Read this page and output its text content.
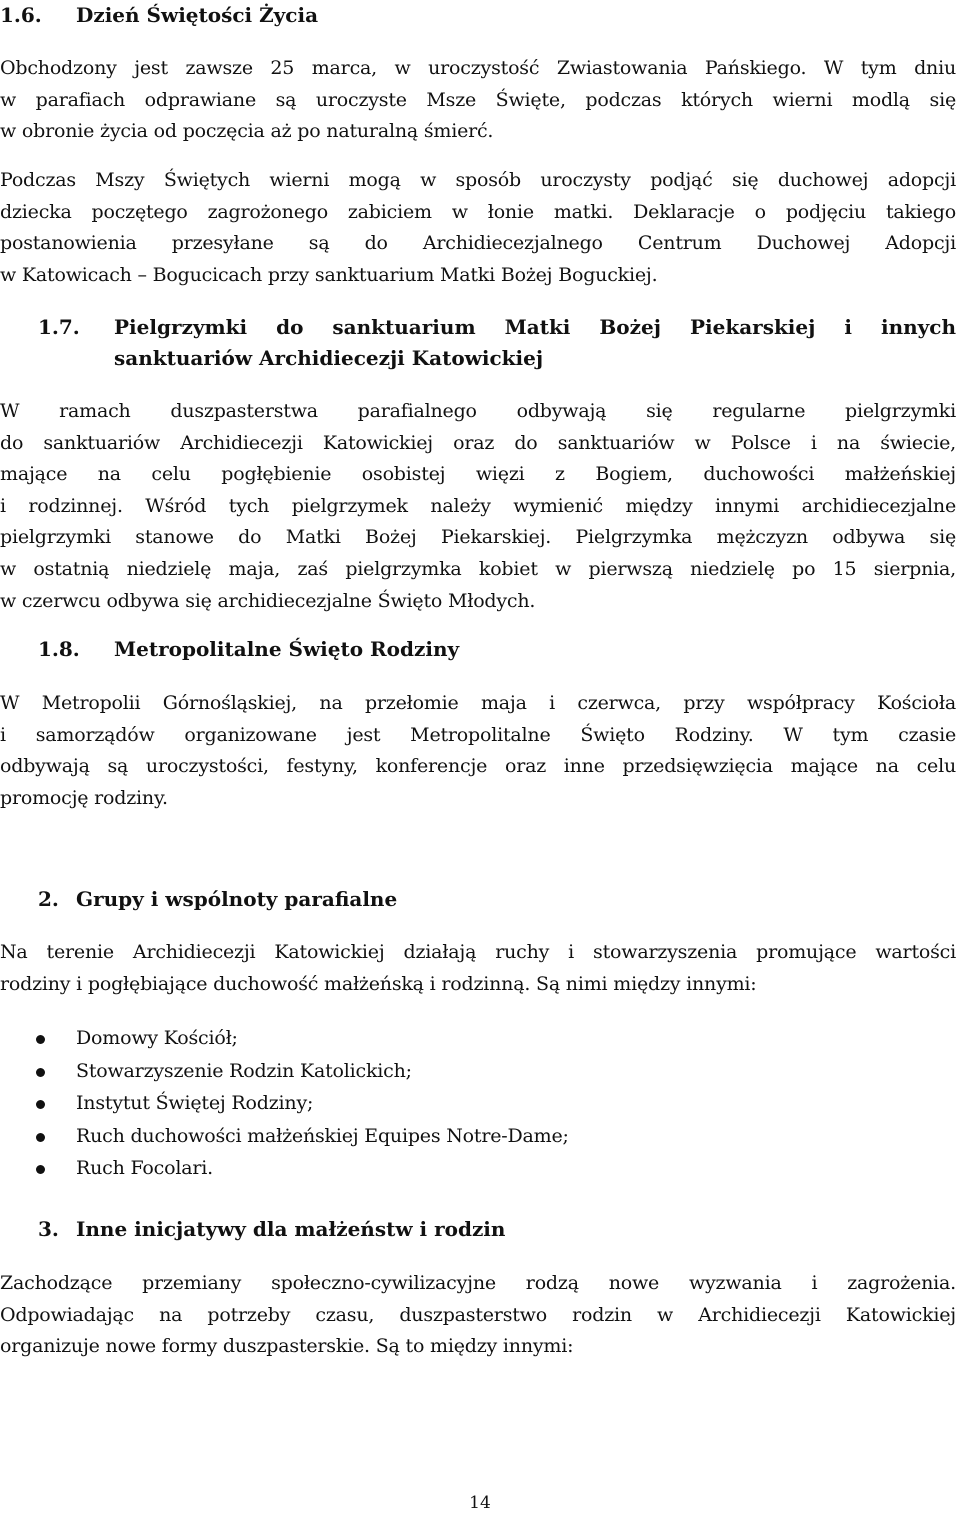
1.6.	Dzień Świętości Życia
Obchodzony jest zawsze 25 marca, w uroczystość Zwiastowania Pańskiego. W tym dniu
w parafiach odprawiane są uroczyste Msze Święte, podczas których wierni modlą się
w obronie życia od poczęcia aż po naturalną śmierć.
Podczas Mszy Świętych wierni mogą w sposób uroczysty podjąć się duchowej adopcji
dziecka poczętego zagrożonego zabiciem w łonie matki. Deklaracje o podjęciu takiego
postanowienia przesyłane są do Archidiecezjalnego Centrum Duchowej Adopcji
w Katowicach – Bogucicach przy sanktuarium Matki Bożej Boguckiej.
1.7.	Pielgrzymki do sanktuarium Matki Bożej Piekarskiej i innych
sanktuariów Archidiecezji Katowickiej
W ramach duszpasterstwa parafialnego odbywają się regularne pielgrzymki
do sanktuariów Archidiecezji Katowickiej oraz do sanktuariów w Polsce i na świecie,
mające na celu pogłębienie osobistej więzi z Bogiem, duchowości małżeńskiej
i rodzinnej. Wśród tych pielgrzymek należy wymienić między innymi archidiecezjalne
pielgrzymki stanowe do Matki Bożej Piekarskiej. Pielgrzymka mężczyzn odbywa się
w ostatnią niedzielę maja, zaś pielgrzymka kobiet w pierwszą niedzielę po 15 sierpnia,
w czerwcu odbywa się archidiecezjalne Święto Młodych.
1.8.	Metropolitalne Święto Rodziny
W Metropolii Górnośląskiej, na przełomie maja i czerwca, przy współpracy Kościoła
i samorządów organizowane jest Metropolitalne Święto Rodziny. W tym czasie
odbywają są uroczystości, festyny, konferencje oraz inne przedsięwzięcia mające na celu
promocję rodziny.
2. Grupy i wspólnoty parafialne
Na terenie Archidiecezji Katowickiej działają ruchy i stowarzyszenia promujące wartości
rodziny i pogłębiające duchowość małżeńską i rodzinną. Są nimi między innymi:
Domowy Kościół;
Stowarzyszenie Rodzin Katolickich;
Instytut Świętej Rodziny;
Ruch duchowości małżeńskiej Equipes Notre-Dame;
Ruch Focolari.
3. Inne inicjatywy dla małżeństw i rodzin
Zachodzące przemiany społeczno-cywilizacyjne rodzą nowe wyzwania i zagrożenia.
Odpowiadając na potrzeby czasu, duszpasterstwo rodzin w Archidiecezji Katowickiej
organizuje nowe formy duszpasterskie. Są to między innymi:
14
